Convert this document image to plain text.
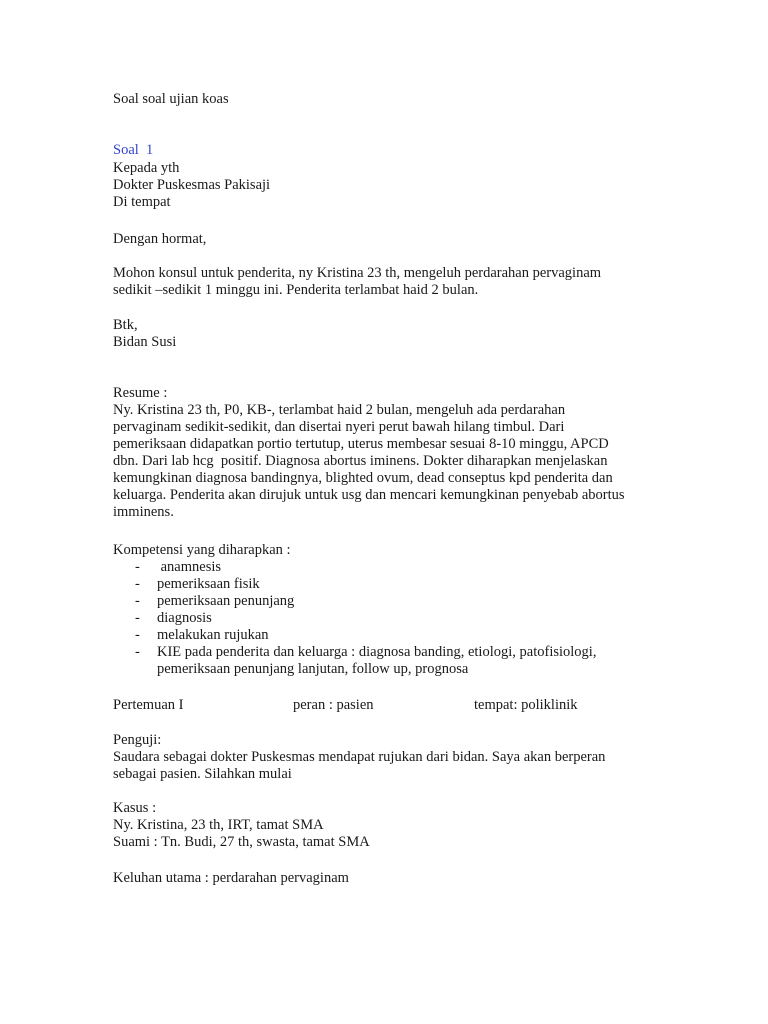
Soal soal ujian koas
Soal  1
Kepada yth
Dokter Puskesmas Pakisaji
Di tempat
Dengan hormat,
Mohon konsul untuk penderita, ny Kristina 23 th, mengeluh perdarahan pervaginam
sedikit –sedikit 1 minggu ini. Penderita terlambat haid 2 bulan.
Btk,
Bidan Susi
Resume :
Ny. Kristina 23 th, P0, KB-, terlambat haid 2 bulan, mengeluh ada perdarahan
pervaginam sedikit-sedikit, dan disertai nyeri perut bawah hilang timbul. Dari
pemeriksaan didapatkan portio tertutup, uterus membesar sesuai 8-10 minggu, APCD
dbn. Dari lab hcg  positif. Diagnosa abortus iminens. Dokter diharapkan menjelaskan
kemungkinan diagnosa bandingnya, blighted ovum, dead conseptus kpd penderita dan
keluarga. Penderita akan dirujuk untuk usg dan mencari kemungkinan penyebab abortus
imminens.
Kompetensi yang diharapkan :
-	anamnesis
-	pemeriksaan fisik
-	pemeriksaan penunjang
-	diagnosis
-	melakukan rujukan
-	KIE pada penderita dan keluarga : diagnosa banding, etiologi, patofisiologi,
pemeriksaan penunjang lanjutan, follow up, prognosa
Pertemuan I	peran : pasien	tempat: poliklinik
Penguji:
Saudara sebagai dokter Puskesmas mendapat rujukan dari bidan. Saya akan berperan
sebagai pasien. Silahkan mulai
Kasus :
Ny. Kristina, 23 th, IRT, tamat SMA
Suami : Tn. Budi, 27 th, swasta, tamat SMA
Keluhan utama : perdarahan pervaginam
